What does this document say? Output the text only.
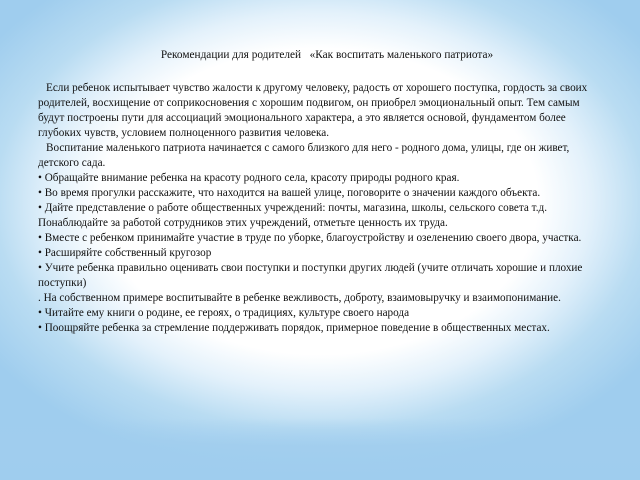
Рекомендации для родителей   «Как воспитать маленького патриота»

Если ребенок испытывает чувство жалости к другому человеку, радость от хорошего поступка, гордость за своих родителей, восхищение от соприкосновения с хорошим подвигом, он приобрел эмоциональный опыт. Тем самым будут построены пути для ассоциаций эмоционального характера, а это является основой, фундаментом более глубоких чувств, условием полноценного развития человека.

Воспитание маленького патриота начинается с самого близкого для него - родного дома, улицы, где он живет, детского сада.

• Обращайте внимание ребенка на красоту родного села, красоту природы родного края.

• Во время прогулки расскажите, что находится на вашей улице, поговорите о значении каждого объекта.

• Дайте представление о работе общественных учреждений: почты, магазина, школы, сельского совета т.д. Понаблюдайте за работой сотрудников этих учреждений, отметьте ценность их труда.

• Вместе с ребенком принимайте участие в труде по уборке, благоустройству и озеленению своего двора, участка.

• Расширяйте собственный кругозор

• Учите ребенка правильно оценивать свои поступки и поступки других людей (учите отличать хорошие и плохие поступки)

. На собственном примере воспитывайте в ребенке вежливость, доброту, взаимовыручку и взаимопонимание.

• Читайте ему книги о родине, ее героях, о традициях, культуре своего народа

• Поощряйте ребенка за стремление поддерживать порядок, примерное поведение в общественных местах.
